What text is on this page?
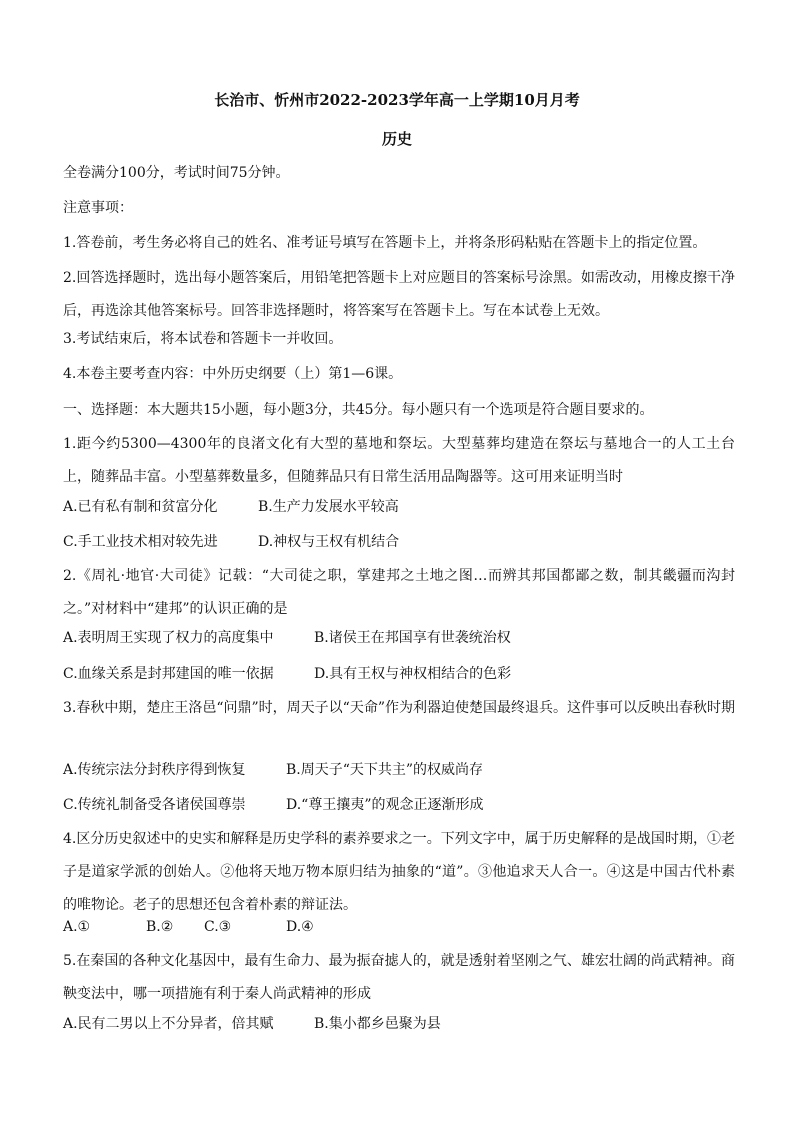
长治市、忻州市2022-2023学年高一上学期10月月考
历史
全卷满分100分，考试时间75分钟。
注意事项：
1.答卷前，考生务必将自己的姓名、准考证号填写在答题卡上，并将条形码粘贴在答题卡上的指定位置。
2.回答选择题时，选出每小题答案后，用铅笔把答题卡上对应题目的答案标号涂黑。如需改动，用橡皮擦干净后，再选涂其他答案标号。回答非选择题时，将答案写在答题卡上。写在本试卷上无效。
3.考试结束后，将本试卷和答题卡一并收回。
4.本卷主要考查内容：中外历史纲要（上）第1—6课。
一、选择题：本大题共15小题，每小题3分，共45分。每小题只有一个选项是符合题目要求的。
1.距今约5300—4300年的良渚文化有大型的墓地和祭坛。大型墓葬均建造在祭坛与墓地合一的人工土台上，随葬品丰富。小型墓葬数量多，但随葬品只有日常生活用品陶器等。这可用来证明当时
A.已有私有制和贫富分化	B.生产力发展水平较高
C.手工业技术相对较先进	D.神权与王权有机结合
2.《周礼·地官·大司徒》记载：“大司徒之职，掌建邦之土地之图…而辨其邦国都鄙之数，制其畿疆而沟封之。”对材料中“建邦”的认识正确的是
A.表明周王实现了权力的高度集中	B.诸侯王在邦国享有世袭统治权
C.血缘关系是封邦建国的唯一依据	D.具有王权与神权相结合的色彩
3.春秋中期，楚庄王洛邑“问鼎”时，周天子以“天命”作为利器迫使楚国最终退兵。这件事可以反映出春秋时期
A.传统宗法分封秩序得到恢复	B.周天子“天下共主”的权威尚存
C.传统礼制备受各诸侯国尊崇	D.“尊王攘夷”的观念正逐渐形成
4.区分历史叙述中的史实和解释是历史学科的素养要求之一。下列文字中，属于历史解释的是战国时期，①老子是道家学派的创始人。②他将天地万物本原归结为抽象的“道”。③他追求天人合一。④这是中国古代朴素的唯物论。老子的思想还包含着朴素的辩证法。
A.①	B.② C.③	D.④
5.在秦国的各种文化基因中，最有生命力、最为振奋摅人的，就是透射着坚刚之气、雄宏壮阔的尚武精神。商鞅变法中，哪一项措施有利于秦人尚武精神的形成
A.民有二男以上不分异者，倍其赋	B.集小都乡邑聚为县
